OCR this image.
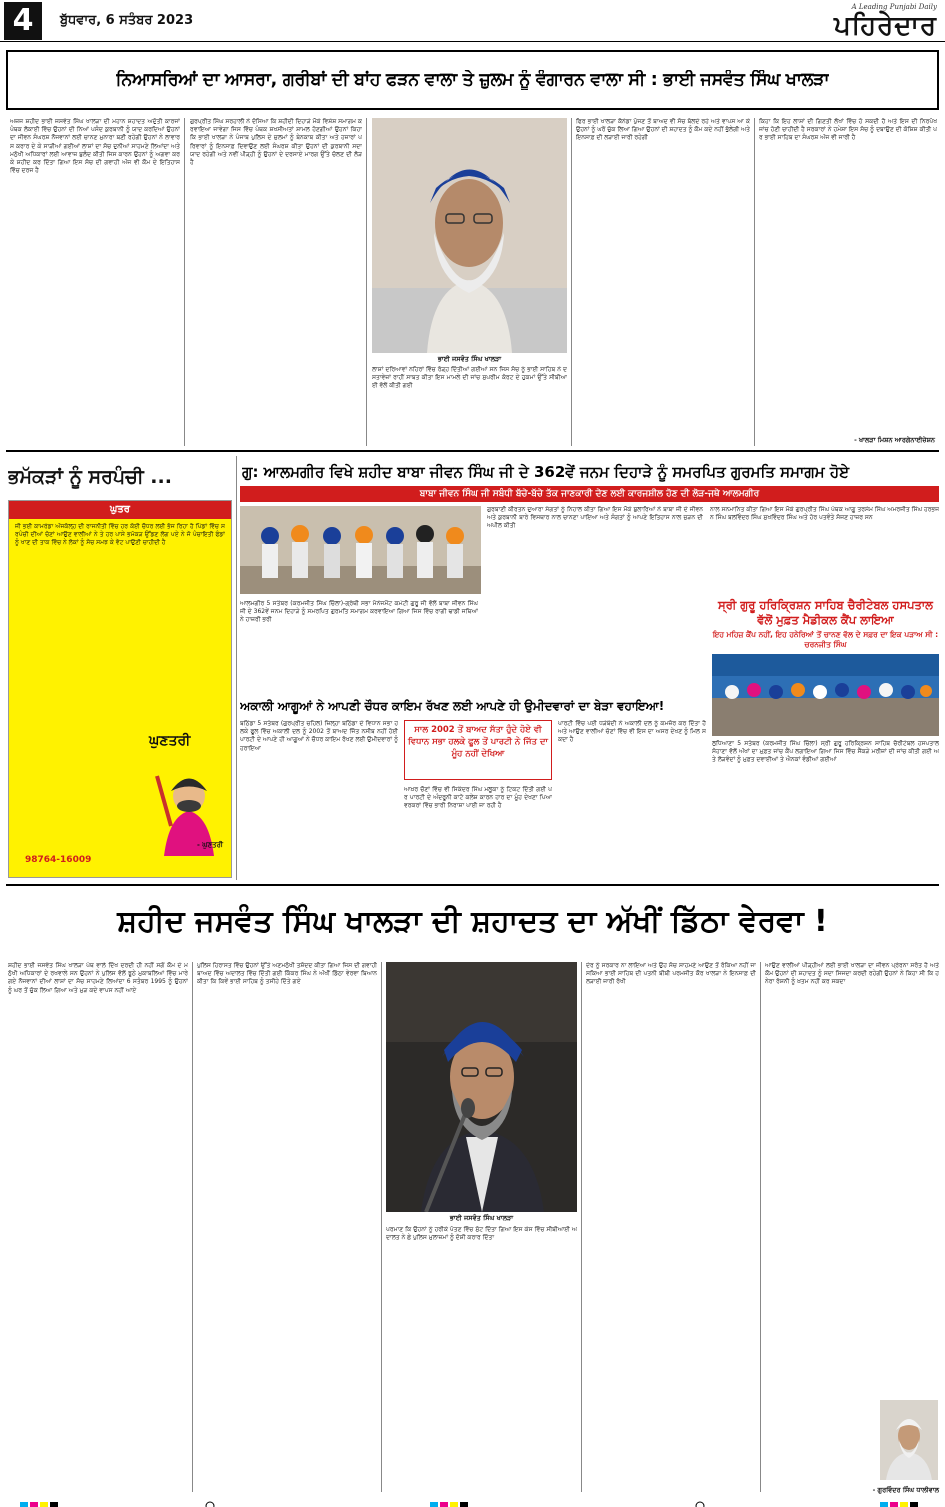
4	ਬੁੱਧਵਾਰ, 6 ਸਤੰਬਰ 2023
A Leading Punjabi Daily
ਪਹਿਰੇਦਾਰ
ਨਿਆਸਰਿਆਂ ਦਾ ਆਸਰਾ, ਗਰੀਬਾਂ ਦੀ ਬਾਂਹ ਫੜਨ ਵਾਲਾ ਤੇ ਜ਼ੁਲਮ ਨੂੰ ਵੰਗਾਰਨ ਵਾਲਾ ਸੀ : ਭਾਈ ਜਸਵੰਤ ਸਿੰਘ ਖਾਲੜਾ
ਅਜ਼ਜ ਸ਼ਹੀਦ ਭਾਈ ਜਸਵੰਤ ਸਿੰਘ ਖਾਲੜਾ ਦੀ ਮਹਾਨ ਸ਼ਹਾਦਤ ਅਦੁੱਤੀ ਕਾਰਜਾਂ ਪੰਥਕ ਲੋਕਾਈ ਵਿੱਚ ਉਹਨਾਂ ਦੀ ਨਿਆਂ ਪਸੰਦ ਕੁਰਬਾਨੀ ਨੂੰ ਯਾਦ ਕਰਦਿਆਂ ਉਹਨਾਂ ਦਾ ਜੀਵਨ ਸੰਘਰਸ਼ ਨੌਜਵਾਨਾਂ ਲਈ ਚਾਨਣ ਮੁਨਾਰਾ ਬਣੀ ਰਹੇਗੀ ਉਹਨਾਂ ਨੇ ਲਾਵਾਰਸ ਕਰਾਰ ਦੇ ਕੇ ਸਾੜੀਆਂ ਗਈਆਂ ਲਾਸ਼ਾਂ ਦਾ ਸੱਚ ਦੁਨੀਆਂ ਸਾਹਮਣੇ ਲਿਆਂਦਾ ਅਤੇ ਮਨੁੱਖੀ ਅਧਿਕਾਰਾਂ ਲਈ ਆਵਾਜ਼ ਬੁਲੰਦ ਕੀਤੀ ਜਿਸ ਕਾਰਨ ਉਹਨਾਂ ਨੂੰ ਅਗਵਾ ਕਰਕੇ ਸ਼ਹੀਦ ਕਰ ਦਿੱਤਾ ਗਿਆ ਇਸ ਸੱਚ ਦੀ ਗਵਾਹੀ ਅੱਜ ਵੀ ਕੌਮ ਦੇ ਇਤਿਹਾਸ ਵਿੱਚ ਦਰਜ ਹੈ
ਗੁਰਪ੍ਰੀਤ ਸਿੰਘ ਸਰਹਾਲੀ ਨੇ ਦੱਸਿਆ ਕਿ ਸ਼ਹੀਦੀ ਦਿਹਾੜੇ ਮੌਕੇ ਵਿਸ਼ੇਸ਼ ਸਮਾਗਮ ਕਰਵਾਇਆ ਜਾਵੇਗਾ ਜਿਸ ਵਿੱਚ ਪੰਥਕ ਸ਼ਖਸੀਅਤਾਂ ਸ਼ਾਮਲ ਹੋਣਗੀਆਂ ਉਹਨਾਂ ਕਿਹਾ ਕਿ ਭਾਈ ਖਾਲੜਾ ਨੇ ਪੰਜਾਬ ਪੁਲਿਸ ਦੇ ਜ਼ੁਲਮਾਂ ਨੂੰ ਬੇਨਕਾਬ ਕੀਤਾ ਅਤੇ ਹਜ਼ਾਰਾਂ ਪਰਿਵਾਰਾਂ ਨੂੰ ਇਨਸਾਫ਼ ਦਿਵਾਉਣ ਲਈ ਸੰਘਰਸ਼ ਕੀਤਾ ਉਹਨਾਂ ਦੀ ਕੁਰਬਾਨੀ ਸਦਾ ਯਾਦ ਰਹੇਗੀ ਅਤੇ ਨਵੀਂ ਪੀੜ੍ਹੀ ਨੂੰ ਉਹਨਾਂ ਦੇ ਦਰਸਾਏ ਮਾਰਗ ਉੱਤੇ ਚੱਲਣ ਦੀ ਲੋੜ ਹੈ
ਭਾਈ ਜਸਵੰਤ ਸਿੰਘ ਖਾਲੜਾ
ਲਾਸ਼ਾਂ ਦਰਿਆਵਾਂ ਨਹਿਰਾਂ ਵਿੱਚ ਰੋੜ੍ਹ ਦਿੱਤੀਆਂ ਗਈਆਂ ਸਨ ਜਿਸ ਸੱਚ ਨੂੰ ਭਾਈ ਸਾਹਿਬ ਨੇ ਦਸਤਾਵੇਜ਼ਾਂ ਰਾਹੀਂ ਸਾਬਤ ਕੀਤਾ ਇਸ ਮਾਮਲੇ ਦੀ ਜਾਂਚ ਸੁਪਰੀਮ ਕੋਰਟ ਦੇ ਹੁਕਮਾਂ ਉੱਤੇ ਸੀਬੀਆਈ ਵੱਲੋਂ ਕੀਤੀ ਗਈ
ਫਿਰ ਭਾਈ ਖਾਲੜਾ ਕੈਨੇਡਾ ਪੁੱਜਣ ਤੋਂ ਬਾਅਦ ਵੀ ਸੱਚ ਬੋਲਦੇ ਰਹੇ ਅਤੇ ਵਾਪਸ ਆ ਕੇ ਉਹਨਾਂ ਨੂੰ ਘਰੋਂ ਚੁੱਕ ਲਿਆ ਗਿਆ ਉਹਨਾਂ ਦੀ ਸ਼ਹਾਦਤ ਨੂੰ ਕੌਮ ਕਦੇ ਨਹੀਂ ਭੁੱਲੇਗੀ ਅਤੇ ਇਨਸਾਫ਼ ਦੀ ਲੜਾਈ ਜਾਰੀ ਰਹੇਗੀ
ਕਿਹਾ ਕਿ ਇਹ ਲਾਸ਼ਾਂ ਦੀ ਗਿਣਤੀ ਲੱਖਾਂ ਵਿੱਚ ਹੋ ਸਕਦੀ ਹੈ ਅਤੇ ਇਸ ਦੀ ਨਿਰਪੱਖ ਜਾਂਚ ਹੋਣੀ ਚਾਹੀਦੀ ਹੈ ਸਰਕਾਰਾਂ ਨੇ ਹਮੇਸ਼ਾ ਇਸ ਸੱਚ ਨੂੰ ਦਬਾਉਣ ਦੀ ਕੋਸ਼ਿਸ਼ ਕੀਤੀ ਪਰ ਭਾਈ ਸਾਹਿਬ ਦਾ ਸੰਘਰਸ਼ ਅੱਜ ਵੀ ਜਾਰੀ ਹੈ
- ਖਾਲੜਾ ਮਿਸ਼ਨ ਆਰਗੇਨਾਈਜ਼ੇਸ਼ਨ
ਭਮੱਕੜਾਂ ਨੂੰ ਸਰਪੰਚੀ ...
ਘੁਤਰ
ਜੀ ਭਈ ਕਾਮਰੇਡਾ ਅੱਜਕੱਲ੍ਹ ਦੀ ਰਾਜਨੀਤੀ ਵਿੱਚ ਹਰ ਕੋਈ ਚੌਧਰ ਲਈ ਭੱਜ ਰਿਹਾ ਹੈ ਪਿੰਡਾਂ ਵਿੱਚ ਸਰਪੰਚੀ ਦੀਆਂ ਚੋਣਾਂ ਆਉਣ ਵਾਲੀਆਂ ਨੇ ਤੇ ਹਰ ਪਾਸੇ ਭਮੱਕੜ ਉੱਡਣ ਲੱਗ ਪਏ ਨੇ ਜੋ ਪੰਚਾਇਤੀ ਫੰਡਾਂ ਨੂੰ ਖਾਣ ਦੀ ਤਾਕ ਵਿੱਚ ਨੇ ਲੋਕਾਂ ਨੂੰ ਸੋਚ ਸਮਝ ਕੇ ਵੋਟ ਪਾਉਣੀ ਚਾਹੀਦੀ ਹੈ
ਘੁਣਤਰੀ
- ਘੁਣਤਰੀ
98764-16009
ਗੁ: ਆਲਮਗੀਰ ਵਿਖੇ ਸ਼ਹੀਦ ਬਾਬਾ ਜੀਵਨ ਸਿੰਘ ਜੀ ਦੇ 362ਵੇਂ ਜਨਮ ਦਿਹਾੜੇ ਨੂੰ ਸਮਰਪਿਤ ਗੁਰਮਤਿ ਸਮਾਗਮ ਹੋਏ
ਬਾਬਾ ਜੀਵਨ ਸਿੰਘ ਜੀ ਸਬੰਧੀ ਬੱਚੇ-ਬੱਚੇ ਤੱਕ ਜਾਣਕਾਰੀ ਦੇਣ ਲਈ ਕਾਰਜਸ਼ੀਲ ਹੋਣ ਦੀ ਲੋੜ-ਜਥੇ ਆਲਮਗੀਰ
ਗੁਰਬਾਣੀ ਕੀਰਤਨ ਦੁਆਰਾ ਸੰਗਤਾਂ ਨੂੰ ਨਿਹਾਲ ਕੀਤਾ ਗਿਆ ਇਸ ਮੌਕੇ ਬੁਲਾਰਿਆਂ ਨੇ ਬਾਬਾ ਜੀ ਦੇ ਜੀਵਨ ਅਤੇ ਕੁਰਬਾਨੀ ਬਾਰੇ ਵਿਸਥਾਰ ਨਾਲ ਚਾਨਣਾ ਪਾਇਆ ਅਤੇ ਸੰਗਤਾਂ ਨੂੰ ਆਪਣੇ ਇਤਿਹਾਸ ਨਾਲ ਜੁੜਨ ਦੀ ਅਪੀਲ ਕੀਤੀ
ਨਾਲ ਸਨਮਾਨਿਤ ਕੀਤਾ ਗਿਆ ਇਸ ਮੌਕੇ ਗੁਰਪ੍ਰੀਤ ਸਿੰਘ ਪੰਥਕ ਆਗੂ ਤਰਸੇਮ ਸਿੰਘ ਅਮਰਜੀਤ ਸਿੰਘ ਹਰਭਜਨ ਸਿੰਘ ਬਲਵਿੰਦਰ ਸਿੰਘ ਸੁਖਵਿੰਦਰ ਸਿੰਘ ਅਤੇ ਹੋਰ ਪਤਵੰਤੇ ਸੱਜਣ ਹਾਜ਼ਰ ਸਨ
ਆਲਮਗੀਰ 5 ਸਤੰਬਰ (ਕਰਮਜੀਤ ਸਿੰਘ ਚਿੱਲਾ)-ਗ੍ਰੰਥੀ ਸਭਾ ਮੈਨੇਜਮੈਂਟ ਕਮੇਟੀ ਗੁਰੂ ਜੀ ਵੱਲੋਂ ਬਾਬਾ ਜੀਵਨ ਸਿੰਘ ਜੀ ਦੇ 362ਵੇਂ ਜਨਮ ਦਿਹਾੜੇ ਨੂੰ ਸਮਰਪਿਤ ਗੁਰਮਤਿ ਸਮਾਗਮ ਕਰਵਾਇਆ ਗਿਆ ਜਿਸ ਵਿੱਚ ਰਾਗੀ ਢਾਡੀ ਜਥਿਆਂ ਨੇ ਹਾਜ਼ਰੀ ਭਰੀ
ਸ੍ਰੀ ਗੁਰੂ ਹਰਿਕ੍ਰਿਸ਼ਨ ਸਾਹਿਬ ਚੈਰੀਟੇਬਲ ਹਸਪਤਾਲ ਵੱਲੋਂ ਮੁਫ਼ਤ ਮੈਡੀਕਲ ਕੈਂਪ ਲਾਇਆ
ਇਹ ਮਹਿਜ਼ ਕੈਂਪ ਨਹੀਂ, ਇਹ ਹਨੇਰਿਆਂ ਤੋਂ ਚਾਨਣ ਵੱਲ ਦੇ ਸਫ਼ਰ ਦਾ ਇਕ ਪੜਾਅ ਸੀ : ਚਰਨਜੀਤ ਸਿੰਘ
ਲੁਧਿਆਣਾ 5 ਸਤੰਬਰ (ਕਰਮਜੀਤ ਸਿੰਘ ਚਿੱਲਾ) ਸ੍ਰੀ ਗੁਰੂ ਹਰਿਕ੍ਰਿਸ਼ਨ ਸਾਹਿਬ ਚੈਰੀਟੇਬਲ ਹਸਪਤਾਲ ਸੋਹਾਣਾ ਵੱਲੋਂ ਅੱਖਾਂ ਦਾ ਮੁਫ਼ਤ ਜਾਂਚ ਕੈਂਪ ਲਗਾਇਆ ਗਿਆ ਜਿਸ ਵਿੱਚ ਸੈਂਕੜੇ ਮਰੀਜ਼ਾਂ ਦੀ ਜਾਂਚ ਕੀਤੀ ਗਈ ਅਤੇ ਲੋੜਵੰਦਾਂ ਨੂੰ ਮੁਫ਼ਤ ਦਵਾਈਆਂ ਤੇ ਐਨਕਾਂ ਵੰਡੀਆਂ ਗਈਆਂ
ਅਕਾਲੀ ਆਗੂਆਂ ਨੇ ਆਪਣੀ ਚੌਧਰ ਕਾਇਮ ਰੱਖਣ ਲਈ ਆਪਣੇ ਹੀ ਉਮੀਦਵਾਰਾਂ ਦਾ ਬੇੜਾ ਵਹਾਇਆ!
ਬਠਿੰਡਾ 5 ਸਤੰਬਰ (ਗੁਰਪ੍ਰੀਤ ਚਹਿਲ) ਜ਼ਿਲ੍ਹਾ ਬਠਿੰਡਾ ਦੇ ਵਿਧਾਨ ਸਭਾ ਹਲਕੇ ਫੂਲ ਵਿੱਚ ਅਕਾਲੀ ਦਲ ਨੂੰ 2002 ਤੋਂ ਬਾਅਦ ਜਿੱਤ ਨਸੀਬ ਨਹੀਂ ਹੋਈ ਪਾਰਟੀ ਦੇ ਆਪਣੇ ਹੀ ਆਗੂਆਂ ਨੇ ਚੌਧਰ ਕਾਇਮ ਰੱਖਣ ਲਈ ਉਮੀਦਵਾਰਾਂ ਨੂੰ ਹਰਾਇਆ
ਸਾਲ 2002 ਤੋਂ ਬਾਅਦ ਸੱਤਾ ਹੁੰਦੇ ਹੋਏ ਵੀ ਵਿਧਾਨ ਸਭਾ ਹਲਕੇ ਫੂਲ ਤੋਂ ਪਾਰਟੀ ਨੇ ਜਿੱਤ ਦਾ ਮੂੰਹ ਨਹੀਂ ਦੇਖਿਆ
ਆਖ਼ਰ ਚੌਣਾਂ ਵਿੱਚ ਵੀ ਸਿਕੰਦਰ ਸਿੰਘ ਮਲੂਕਾ ਨੂੰ ਟਿਕਟ ਦਿੱਤੀ ਗਈ ਪਰ ਪਾਰਟੀ ਦੇ ਅੰਦਰੂਨੀ ਕਾਟੋ ਕਲੇਸ਼ ਕਾਰਨ ਹਾਰ ਦਾ ਮੂੰਹ ਦੇਖਣਾ ਪਿਆ ਵਰਕਰਾਂ ਵਿੱਚ ਭਾਰੀ ਨਿਰਾਸ਼ਾ ਪਾਈ ਜਾ ਰਹੀ ਹੈ
ਪਾਰਟੀ ਵਿੱਚ ਪਈ ਧੜੇਬੰਦੀ ਨੇ ਅਕਾਲੀ ਦਲ ਨੂੰ ਕਮਜ਼ੋਰ ਕਰ ਦਿੱਤਾ ਹੈ ਅਤੇ ਆਉਣ ਵਾਲੀਆਂ ਚੋਣਾਂ ਵਿੱਚ ਵੀ ਇਸ ਦਾ ਅਸਰ ਦੇਖਣ ਨੂੰ ਮਿਲ ਸਕਦਾ ਹੈ
ਸ਼ਹੀਦ ਜਸਵੰਤ ਸਿੰਘ ਖਾਲੜਾ ਦੀ ਸ਼ਹਾਦਤ ਦਾ ਅੱਖੀਂ ਡਿੱਠਾ ਵੇਰਵਾ !
ਸ਼ਹੀਦ ਭਾਈ ਜਸਵੰਤ ਸਿੰਘ ਖਾਲੜਾ ਪੰਥ ਵਾਲੇ ਦਿੱਖ ਦਰਦੀ ਹੀ ਨਹੀਂ ਸਗੋਂ ਕੌਮ ਦੇ ਮਨੁੱਖੀ ਅਧਿਕਾਰਾਂ ਦੇ ਰਖਵਾਲੇ ਸਨ ਉਹਨਾਂ ਨੇ ਪੁਲਿਸ ਵੱਲੋਂ ਝੂਠੇ ਮੁਕਾਬਲਿਆਂ ਵਿੱਚ ਮਾਰੇ ਗਏ ਨੌਜਵਾਨਾਂ ਦੀਆਂ ਲਾਸ਼ਾਂ ਦਾ ਸੱਚ ਸਾਹਮਣੇ ਲਿਆਂਦਾ 6 ਸਤੰਬਰ 1995 ਨੂੰ ਉਹਨਾਂ ਨੂੰ ਘਰ ਤੋਂ ਚੁੱਕ ਲਿਆ ਗਿਆ ਅਤੇ ਮੁੜ ਕਦੇ ਵਾਪਸ ਨਹੀਂ ਆਏ
ਪੁਲਿਸ ਹਿਰਾਸਤ ਵਿੱਚ ਉਹਨਾਂ ਉੱਤੇ ਅਣਮਨੁੱਖੀ ਤਸ਼ੱਦਦ ਕੀਤਾ ਗਿਆ ਜਿਸ ਦੀ ਗਵਾਹੀ ਬਾਅਦ ਵਿੱਚ ਅਦਾਲਤ ਵਿੱਚ ਦਿੱਤੀ ਗਈ ਕਿੱਕਰ ਸਿੰਘ ਨੇ ਅੱਖੀਂ ਡਿੱਠਾ ਵੇਰਵਾ ਬਿਆਨ ਕੀਤਾ ਕਿ ਕਿਵੇਂ ਭਾਈ ਸਾਹਿਬ ਨੂੰ ਤਸੀਹੇ ਦਿੱਤੇ ਗਏ
ਭਾਈ ਜਸਵੰਤ ਸਿੰਘ ਖਾਲੜਾ
ਪਰਮਾਣ ਕਿ ਉਹਨਾਂ ਨੂੰ ਹਰੀਕੇ ਪੱਤਣ ਵਿੱਚ ਸੁੱਟ ਦਿੱਤਾ ਗਿਆ ਇਸ ਕੇਸ ਵਿੱਚ ਸੀਬੀਆਈ ਅਦਾਲਤ ਨੇ ਛੇ ਪੁਲਿਸ ਮੁਲਾਜ਼ਮਾਂ ਨੂੰ ਦੋਸ਼ੀ ਕਰਾਰ ਦਿੱਤਾ
ਦੇਰ ਨੂੰ ਸਰਕਾਰ ਨਾ ਲਾਇਆ ਅਤੇ ਉਹ ਸੱਚ ਸਾਹਮਣੇ ਆਉਣ ਤੋਂ ਰੋਕਿਆ ਨਹੀਂ ਜਾ ਸਕਿਆ ਭਾਈ ਸਾਹਿਬ ਦੀ ਪਤਨੀ ਬੀਬੀ ਪਰਮਜੀਤ ਕੌਰ ਖਾਲੜਾ ਨੇ ਇਨਸਾਫ਼ ਦੀ ਲੜਾਈ ਜਾਰੀ ਰੱਖੀ
ਆਉਣ ਵਾਲੀਆਂ ਪੀੜ੍ਹੀਆਂ ਲਈ ਭਾਈ ਖਾਲੜਾ ਦਾ ਜੀਵਨ ਪ੍ਰੇਰਨਾ ਸਰੋਤ ਹੈ ਅਤੇ ਕੌਮ ਉਹਨਾਂ ਦੀ ਸ਼ਹਾਦਤ ਨੂੰ ਸਦਾ ਸਿਜਦਾ ਕਰਦੀ ਰਹੇਗੀ ਉਹਨਾਂ ਨੇ ਕਿਹਾ ਸੀ ਕਿ ਹਨੇਰਾ ਰੋਸ਼ਨੀ ਨੂੰ ਖ਼ਤਮ ਨਹੀਂ ਕਰ ਸਕਦਾ
- ਗੁਰਵਿੰਦਰ ਸਿੰਘ ਧਾਲੀਵਾਲ
